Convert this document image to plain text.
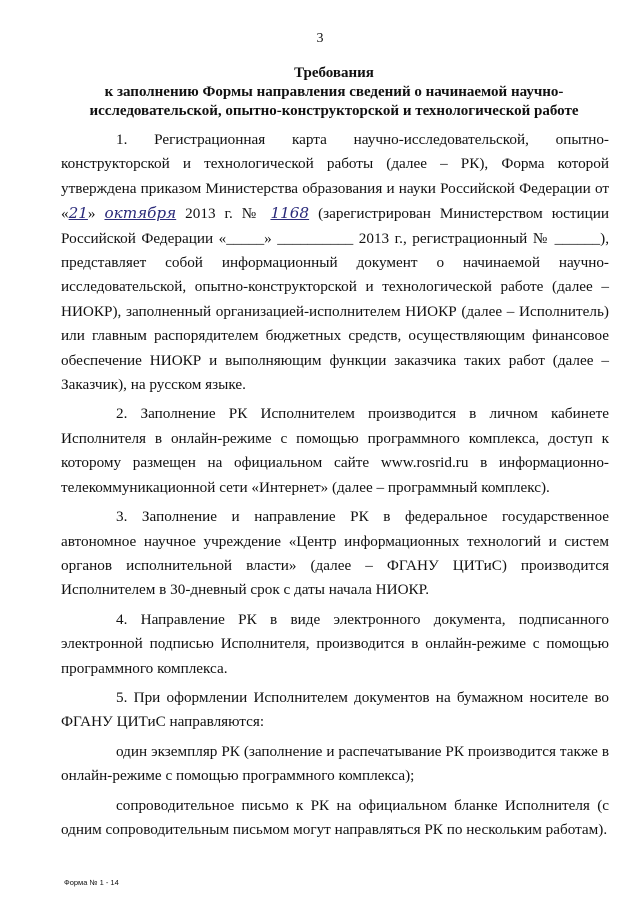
3
Требования
к заполнению Формы направления сведений о начинаемой научно-
исследовательской, опытно-конструкторской и технологической работе

1. Регистрационная карта научно-исследовательской, опытно-конструкторской и технологической работы (далее – РК), Форма которой утверждена приказом Министерства образования и науки Российской Федерации от «21» октября 2013 г. № 1168 (зарегистрирован Министерством юстиции Российской Федерации «_____» __________ 2013 г., регистрационный № ______), представляет собой информационный документ о начинаемой научно-исследовательской, опытно-конструкторской и технологической работе (далее – НИОКР), заполненный организацией-исполнителем НИОКР (далее – Исполнитель) или главным распорядителем бюджетных средств, осуществляющим финансовое обеспечение НИОКР и выполняющим функции заказчика таких работ (далее – Заказчик), на русском языке.

2. Заполнение РК Исполнителем производится в личном кабинете Исполнителя в онлайн-режиме с помощью программного комплекса, доступ к которому размещен на официальном сайте www.rosrid.ru в информационно-телекоммуникационной сети «Интернет» (далее – программный комплекс).

3. Заполнение и направление РК в федеральное государственное автономное научное учреждение «Центр информационных технологий и систем органов исполнительной власти» (далее – ФГАНУ ЦИТиС) производится Исполнителем в 30-дневный срок с даты начала НИОКР.

4. Направление РК в виде электронного документа, подписанного электронной подписью Исполнителя, производится в онлайн-режиме с помощью программного комплекса.

5. При оформлении Исполнителем документов на бумажном носителе во ФГАНУ ЦИТиС направляются:

один экземпляр РК (заполнение и распечатывание РК производится также в онлайн-режиме с помощью программного комплекса);

сопроводительное письмо к РК на официальном бланке Исполнителя (с одним сопроводительным письмом могут направляться РК по нескольким работам).

Форма № 1 - 14
